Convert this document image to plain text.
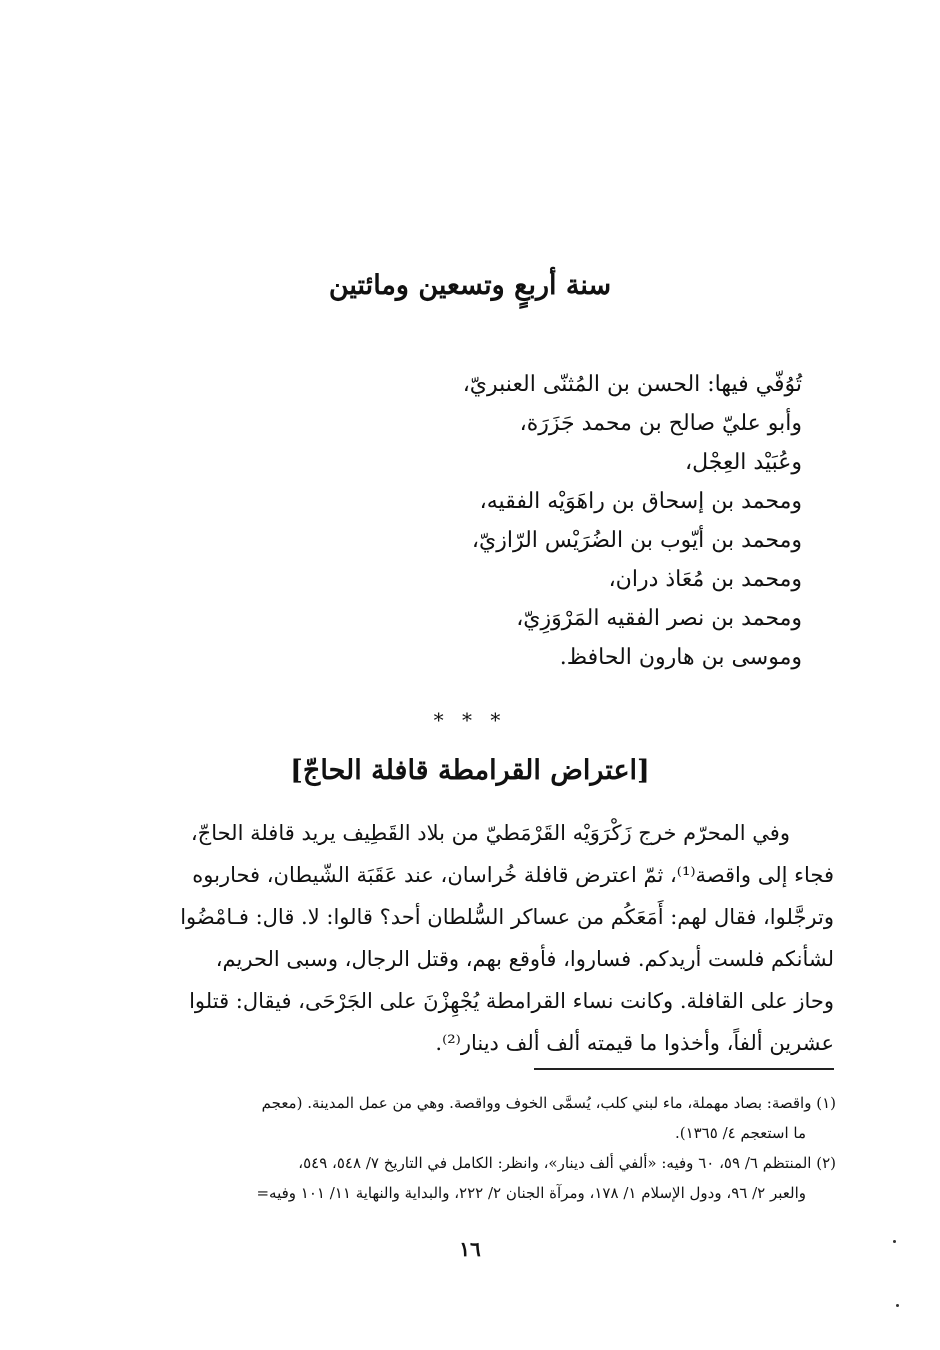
سنة أربعٍ وتسعين ومائتين
تُوُفّي فيها: الحسن بن المُثنّى العنبريّ،
وأبو عليّ صالح بن محمد جَزَرَة،
وعُبَيْد العِجْل،
ومحمد بن إسحاق بن راهَوَيْه الفقيه،
ومحمد بن أيّوب بن الضُرَيْس الرّازيّ،
ومحمد بن مُعَاذ دران،
ومحمد بن نصر الفقيه المَرْوَزِيّ،
وموسى بن هارون الحافظ.
* * *
[اعتراض القرامطة قافلة الحاجّ]
وفي المحرّم خرج زَكْرَوَيْه القَرْمَطيّ من بلاد القَطِيف يريد قافلة الحاجّ،
فجاء إلى واقصة⁽¹⁾، ثمّ اعترض قافلة خُراسان، عند عَقَبَة الشّيطان، فحاربوه
وترجَّلوا، فقال لهم: أَمَعَكُم من عساكر السُّلطان أحد؟ قالوا: لا. قال: فـامْضُوا
لشأنكم فلست أريدكم. فساروا، فأوقع بهم، وقتل الرجال، وسبى الحريم،
وحاز على القافلة. وكانت نساء القرامطة يُجْهِزْنَ على الجَرْحَى، فيقال: قتلوا
عشرين ألفاً، وأخذوا ما قيمته ألف ألف دينار⁽²⁾.
(١) واقصة: بصاد مهملة، ماء لبني كلب، يُسمَّى الخوف وواقصة. وهي من عمل المدينة. (معجم
ما استعجم ٤/ ١٣٦٥).
(٢) المنتظم ٦/ ٥٩، ٦٠ وفيه: «ألفي ألف دينار»، وانظر: الكامل في التاريخ ٧/ ٥٤٨، ٥٤٩،
والعبر ٢/ ٩٦، ودول الإسلام ١/ ١٧٨، ومرآة الجنان ٢/ ٢٢٢، والبداية والنهاية ١١/ ١٠١ وفيه=
١٦
